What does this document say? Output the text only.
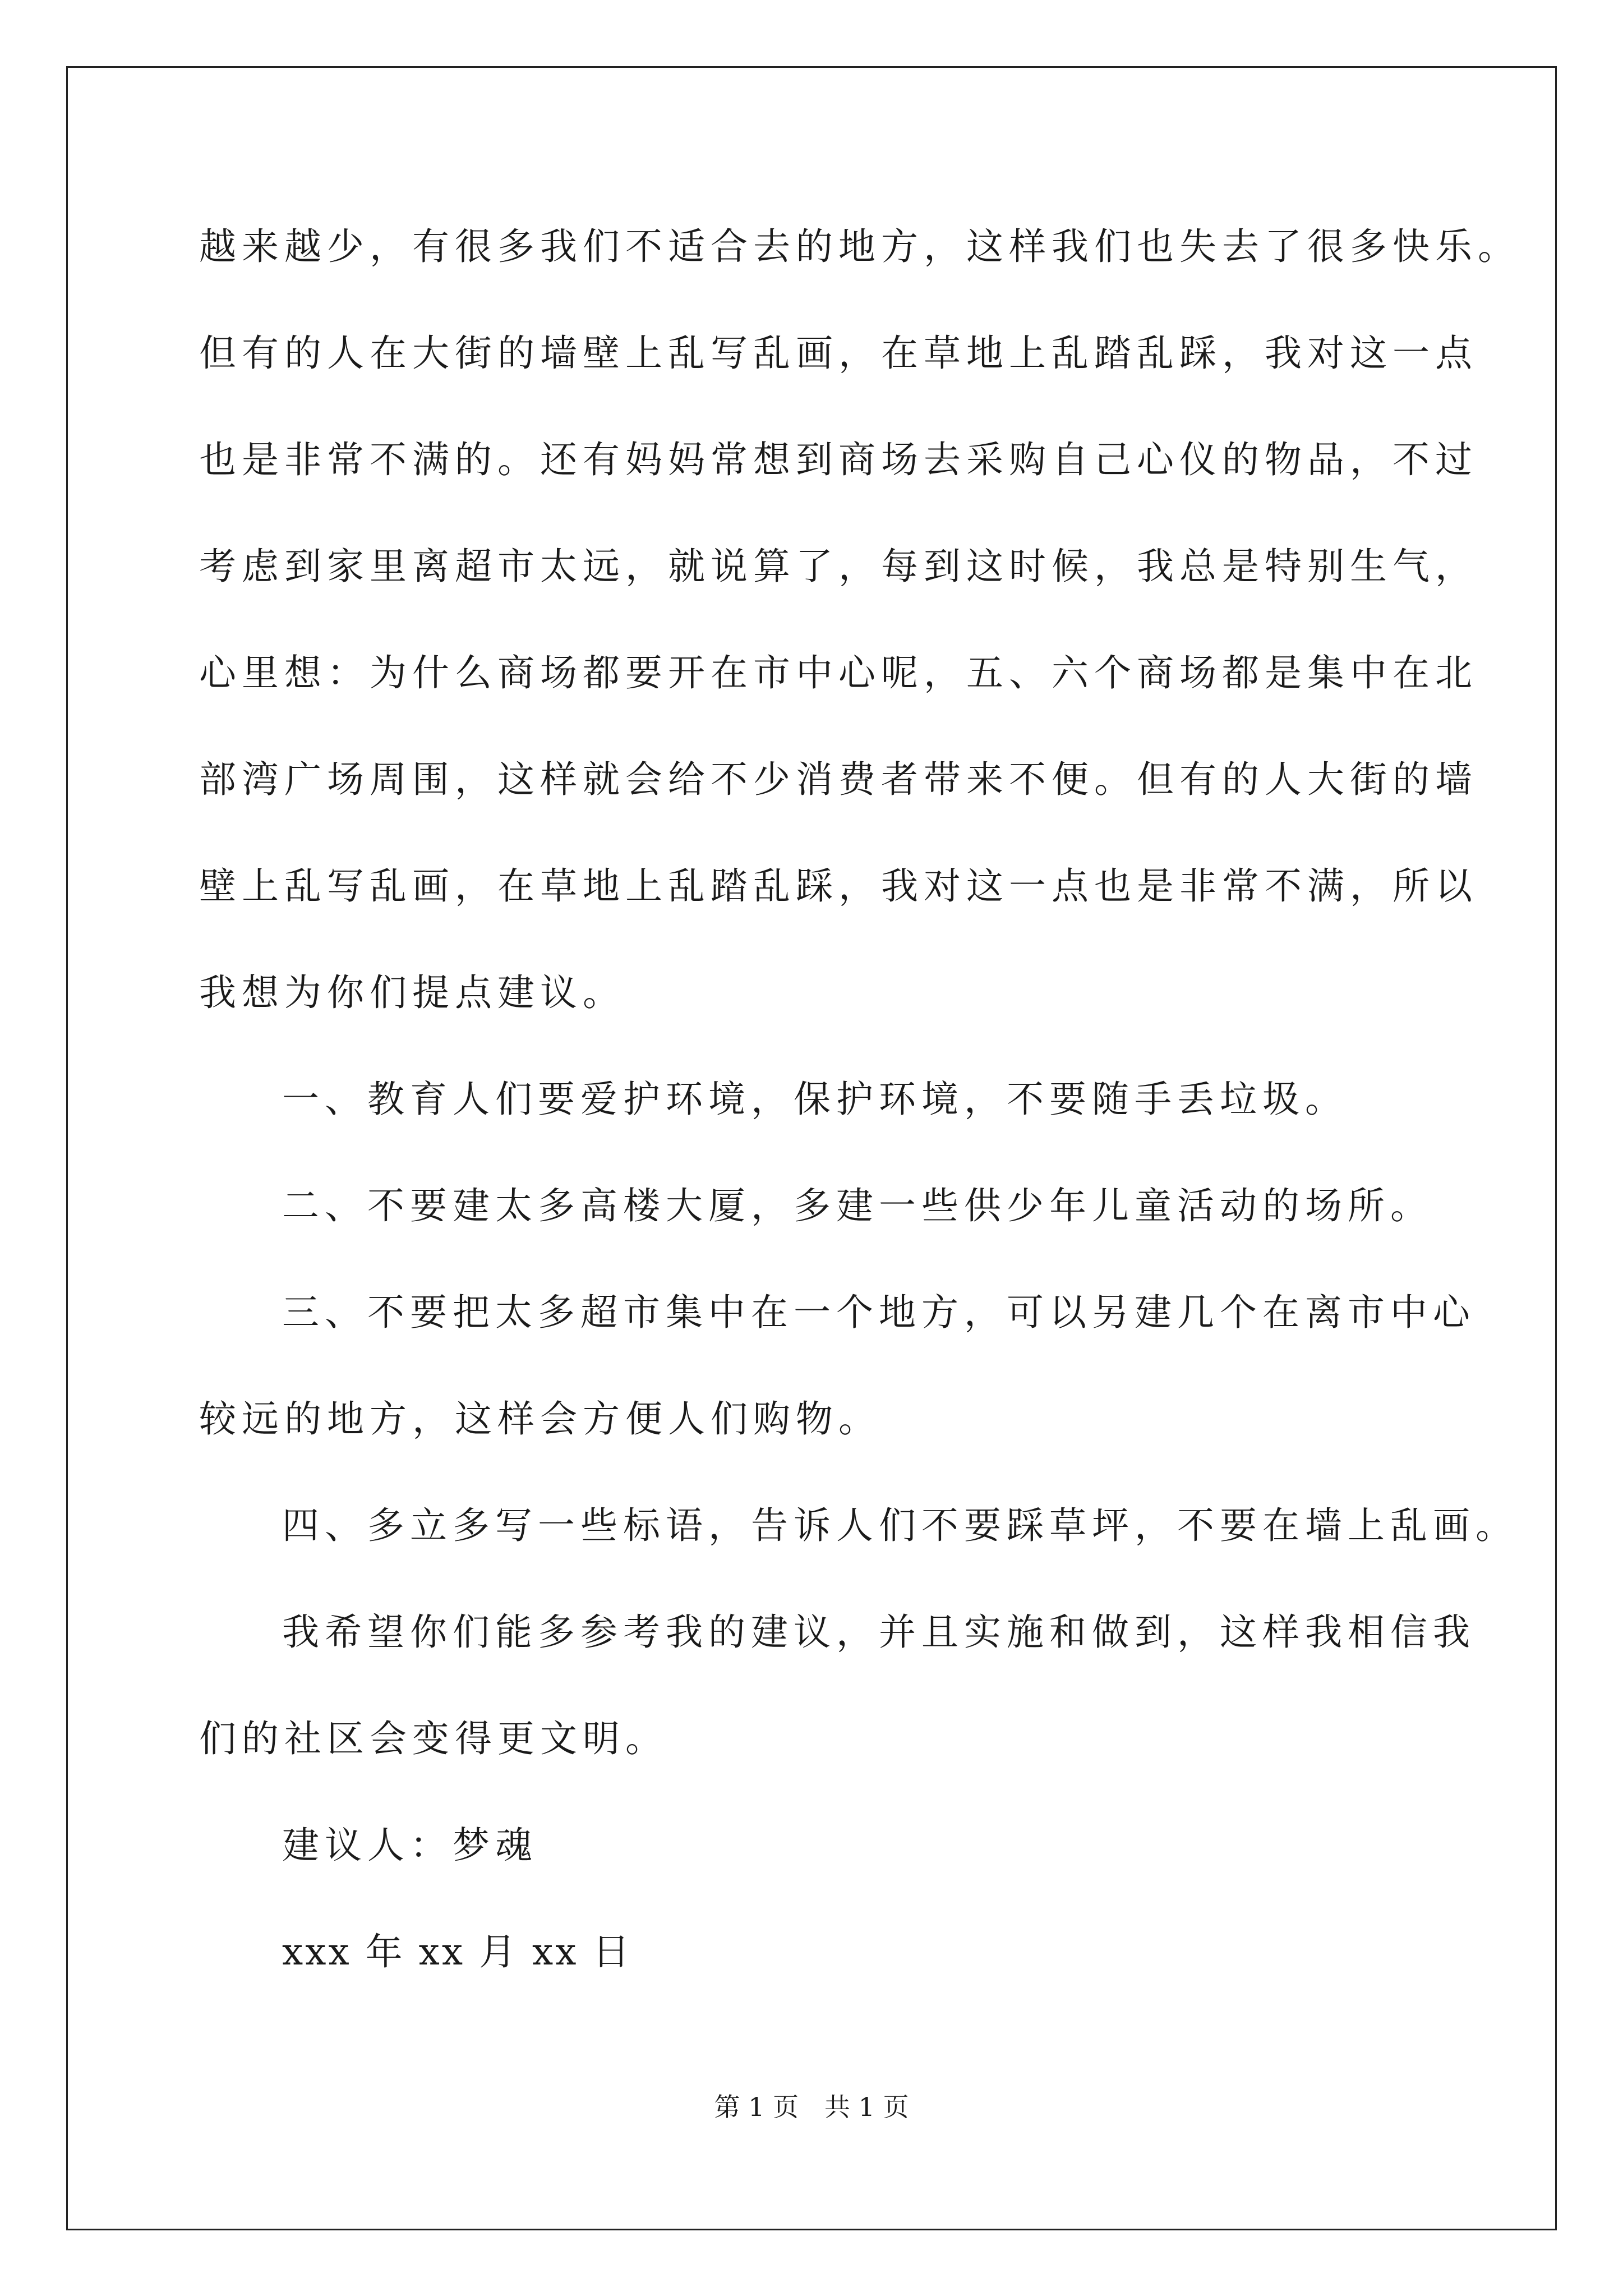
越来越少，有很多我们不适合去的地方，这样我们也失去了很多快乐。

但有的人在大街的墙壁上乱写乱画，在草地上乱踏乱踩，我对这一点

也是非常不满的。还有妈妈常想到商场去采购自己心仪的物品，不过

考虑到家里离超市太远，就说算了，每到这时候，我总是特别生气，

心里想：为什么商场都要开在市中心呢，五、六个商场都是集中在北

部湾广场周围，这样就会给不少消费者带来不便。但有的人大街的墙

壁上乱写乱画，在草地上乱踏乱踩，我对这一点也是非常不满，所以

我想为你们提点建议。

一、教育人们要爱护环境，保护环境，不要随手丢垃圾。

二、不要建太多高楼大厦，多建一些供少年儿童活动的场所。

三、不要把太多超市集中在一个地方，可以另建几个在离市中心

较远的地方，这样会方便人们购物。

四、多立多写一些标语，告诉人们不要踩草坪，不要在墙上乱画。

我希望你们能多参考我的建议，并且实施和做到，这样我相信我

们的社区会变得更文明。

建议人：梦魂

xxx 年 xx 月 xx 日

第 1 页　共 1 页
